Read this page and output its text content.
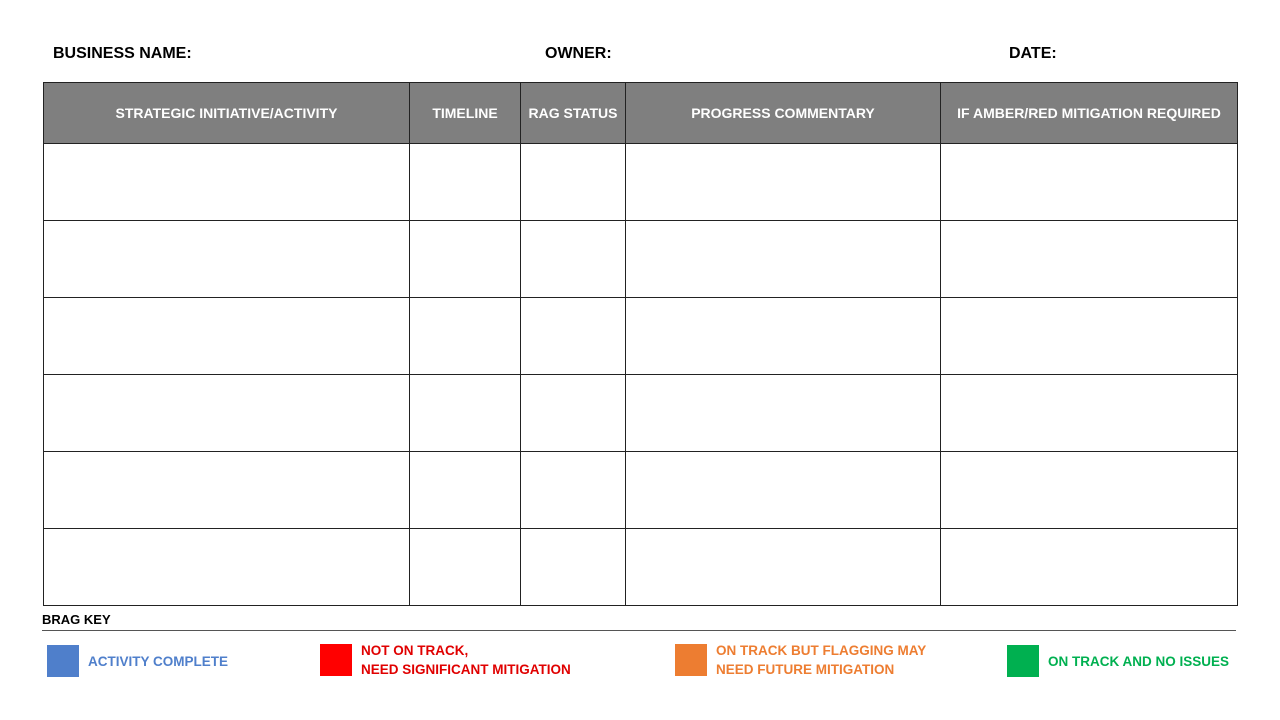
BUSINESS NAME:	OWNER:	DATE:
STRATEGIC INITIATIVE/ACTIVITY	TIMELINE	RAG STATUS	PROGRESS COMMENTARY	IF AMBER/RED MITIGATION REQUIRED

BRAG KEY
ACTIVITY COMPLETE
NOT ON TRACK,
NEED SIGNIFICANT MITIGATION
ON TRACK BUT FLAGGING MAY
NEED FUTURE MITIGATION
ON TRACK AND NO ISSUES
